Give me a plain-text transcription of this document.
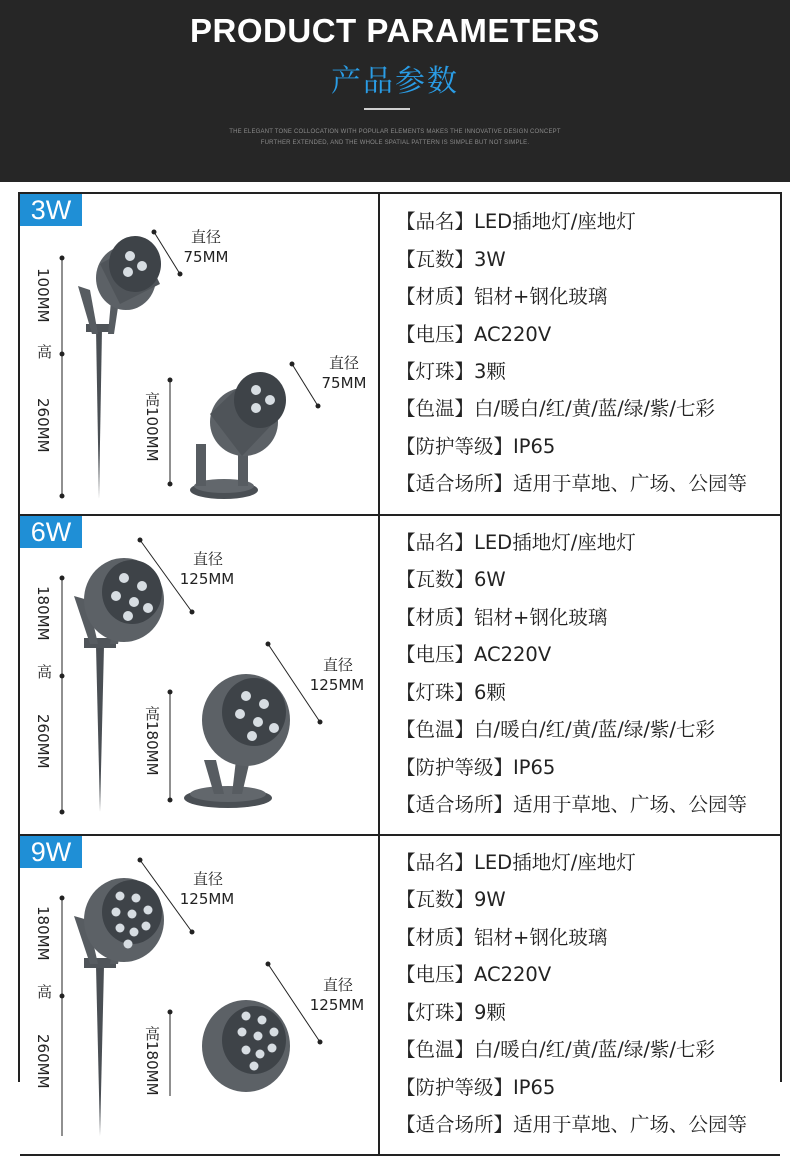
PRODUCT PARAMETERS
产品参数
THE ELEGANT TONE COLLOCATION WITH POPULAR ELEMENTS MAKES THE INNOVATIVE DESIGN CONCEPT
FURTHER EXTENDED, AND THE WHOLE SPATIAL PATTERN IS SIMPLE BUT NOT SIMPLE.
100MM
高
260MM
直径
75MM
高100MM
直径
75MM
3W	【品名】LED插地灯/座地灯
【瓦数】3W
【材质】铝材+钢化玻璃
【电压】AC220V
【灯珠】3颗
【色温】白/暖白/红/黄/蓝/绿/紫/七彩
【防护等级】IP65
【适合场所】适用于草地、广场、公园等
180MM
高
260MM
直径
125MM
高180MM
直径
125MM
6W	【品名】LED插地灯/座地灯
【瓦数】6W
【材质】铝材+钢化玻璃
【电压】AC220V
【灯珠】6颗
【色温】白/暖白/红/黄/蓝/绿/紫/七彩
【防护等级】IP65
【适合场所】适用于草地、广场、公园等
180MM
高
260MM
直径
125MM
高180MM
直径
125MM
9W	【品名】LED插地灯/座地灯
【瓦数】9W
【材质】铝材+钢化玻璃
【电压】AC220V
【灯珠】9颗
【色温】白/暖白/红/黄/蓝/绿/紫/七彩
【防护等级】IP65
【适合场所】适用于草地、广场、公园等
